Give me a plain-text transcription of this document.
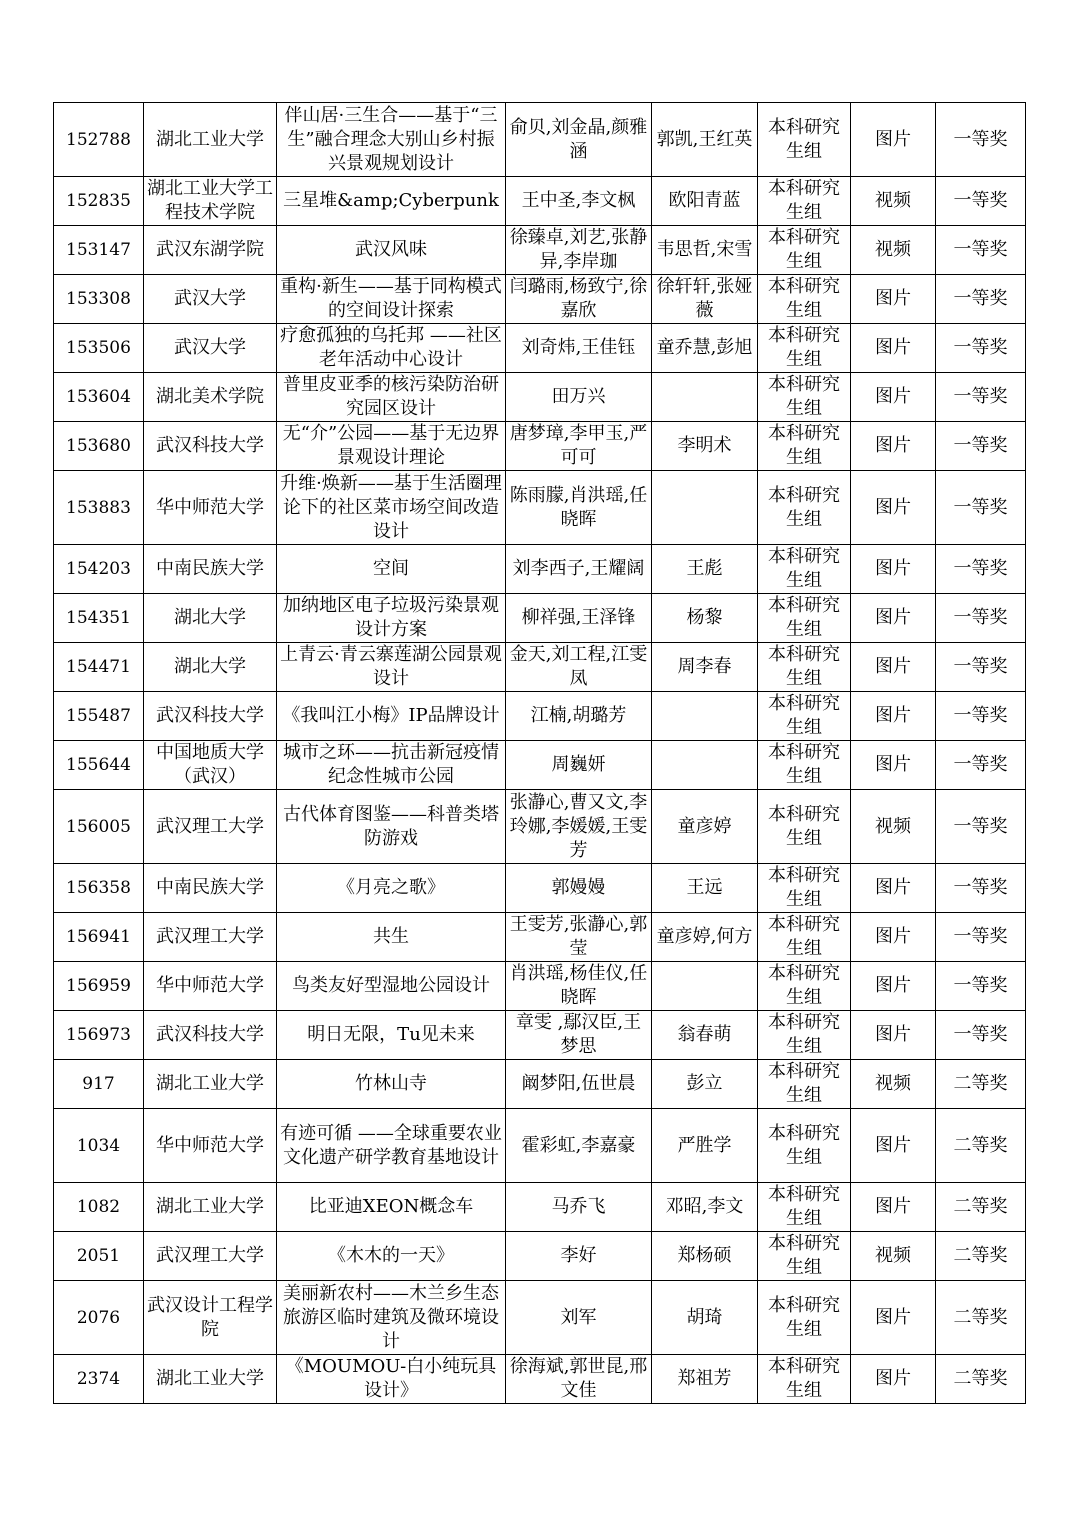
152788	湖北工业大学	伴山居·三生合——基于“三生”融合理念大别山乡村振兴景观规划设计	俞贝,刘金晶,颜雅涵	郭凯,王红英	本科研究生组	图片	一等奖
152835	湖北工业大学工程技术学院	三星堆&amp;Cyberpunk	王中圣,李文枫	欧阳青蓝	本科研究生组	视频	一等奖
153147	武汉东湖学院	武汉风味	徐臻卓,刘艺,张静异,李岸珈	韦思哲,宋雪	本科研究生组	视频	一等奖
153308	武汉大学	重构·新生——基于同构模式的空间设计探索	闫璐雨,杨致宁,徐嘉欣	徐轩轩,张娅薇	本科研究生组	图片	一等奖
153506	武汉大学	疗愈孤独的乌托邦 ——社区老年活动中心设计	刘奇炜,王佳钰	童乔慧,彭旭	本科研究生组	图片	一等奖
153604	湖北美术学院	普里皮亚季的核污染防治研究园区设计	田万兴		本科研究生组	图片	一等奖
153680	武汉科技大学	无“介”公园——基于无边界景观设计理论	唐梦璋,李甲玉,严可可	李明术	本科研究生组	图片	一等奖
153883	华中师范大学	升维·焕新——基于生活圈理论下的社区菜市场空间改造设计	陈雨朦,肖洪瑶,任晓晖		本科研究生组	图片	一等奖
154203	中南民族大学	空间	刘李西子,王耀阔	王彪	本科研究生组	图片	一等奖
154351	湖北大学	加纳地区电子垃圾污染景观设计方案	柳祥强,王泽锋	杨黎	本科研究生组	图片	一等奖
154471	湖北大学	上青云·青云寨莲湖公园景观设计	金天,刘工程,江雯凤	周李春	本科研究生组	图片	一等奖
155487	武汉科技大学	《我叫江小梅》IP品牌设计	江楠,胡璐芳		本科研究生组	图片	一等奖
155644	中国地质大学（武汉）	城市之环——抗击新冠疫情纪念性城市公园	周巍妍		本科研究生组	图片	一等奖
156005	武汉理工大学	古代体育图鉴——科普类塔防游戏	张瀞心,曹又文,李玲娜,李媛媛,王雯芳	童彦婷	本科研究生组	视频	一等奖
156358	中南民族大学	《月亮之歌》	郭嫚嫚	王远	本科研究生组	图片	一等奖
156941	武汉理工大学	共生	王雯芳,张瀞心,郭莹	童彦婷,何方	本科研究生组	图片	一等奖
156959	华中师范大学	鸟类友好型湿地公园设计	肖洪瑶,杨佳仪,任晓晖		本科研究生组	图片	一等奖
156973	武汉科技大学	明日无限，Tu见未来	章雯 ,鄢汉臣,王梦思	翁春萌	本科研究生组	图片	一等奖
917	湖北工业大学	竹林山寺	阚梦阳,伍世晨	彭立	本科研究生组	视频	二等奖
1034	华中师范大学	有迹可循 ——全球重要农业文化遗产研学教育基地设计	霍彩虹,李嘉豪	严胜学	本科研究生组	图片	二等奖
1082	湖北工业大学	比亚迪XEON概念车	马乔飞	邓昭,李文	本科研究生组	图片	二等奖
2051	武汉理工大学	《木木的一天》	李好	郑杨硕	本科研究生组	视频	二等奖
2076	武汉设计工程学院	美丽新农村——木兰乡生态旅游区临时建筑及微环境设计	刘军	胡琦	本科研究生组	图片	二等奖
2374	湖北工业大学	《MOUMOU-白小纯玩具设计》	徐海斌,郭世昆,邢文佳	郑祖芳	本科研究生组	图片	二等奖
